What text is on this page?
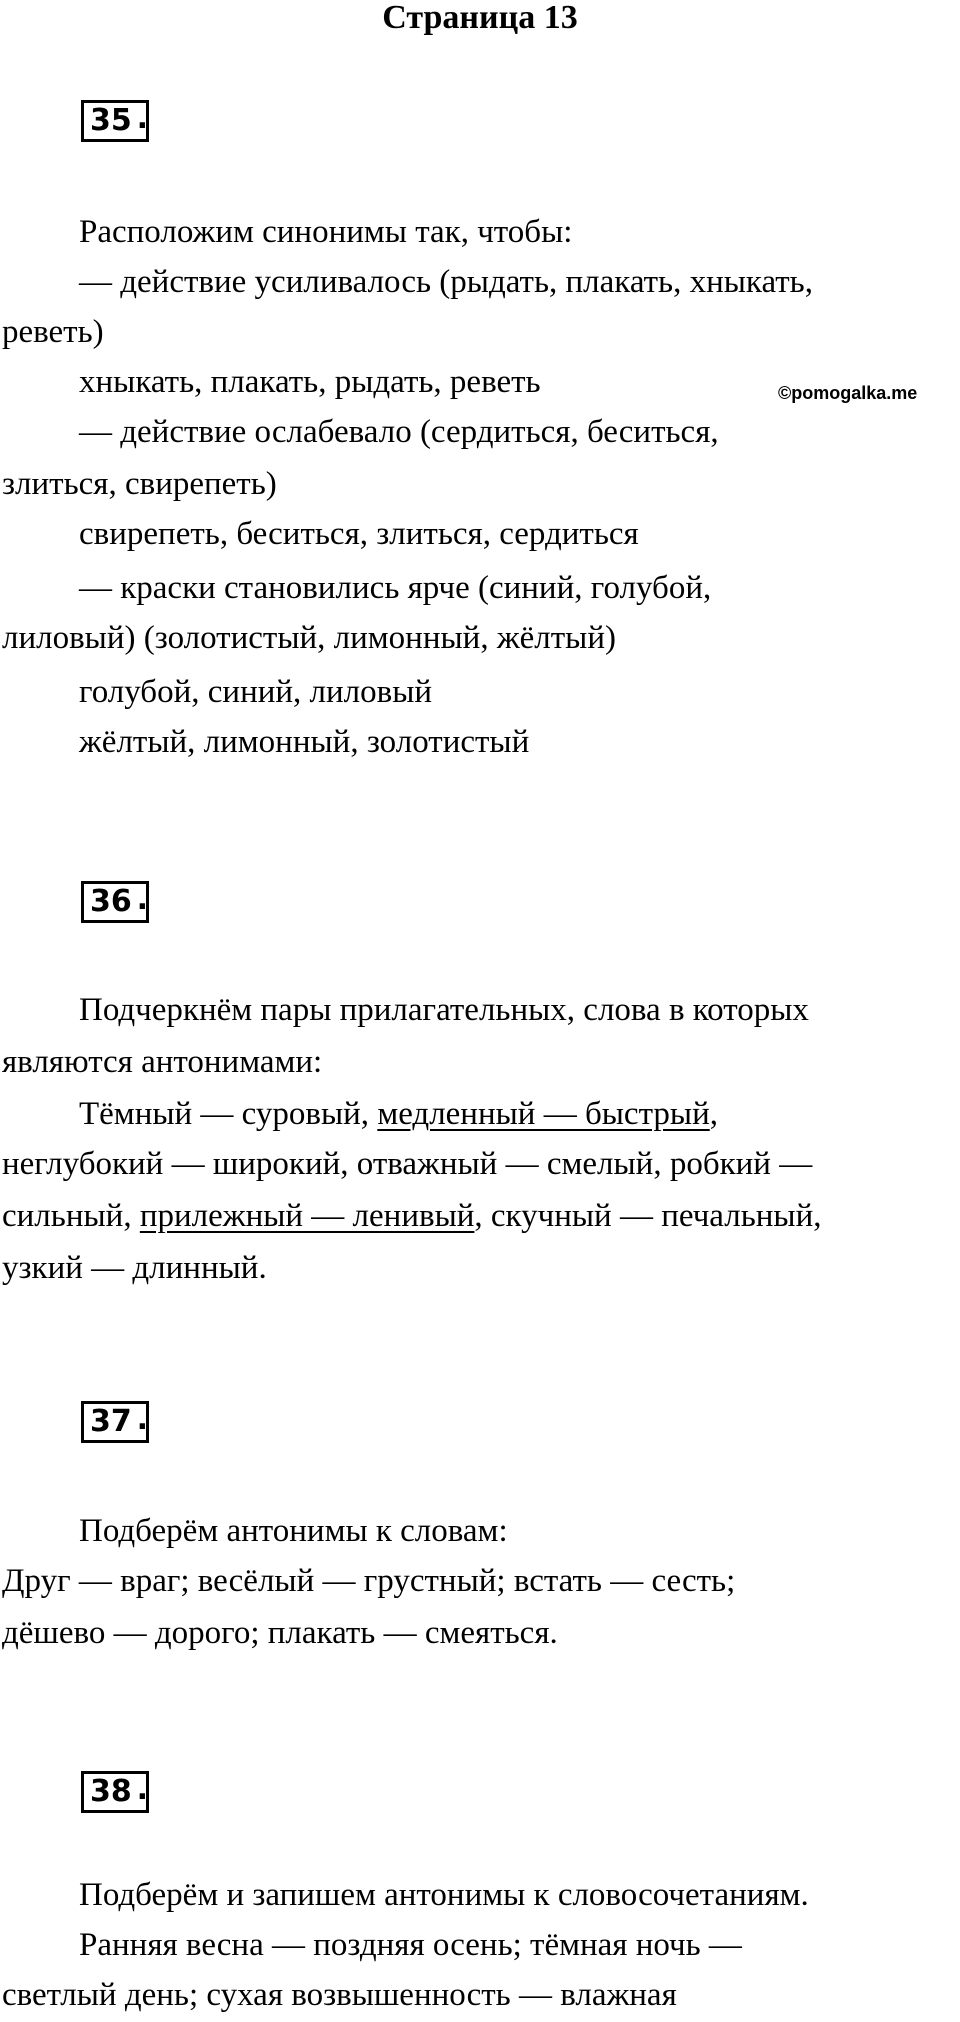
Страница 13
35 .
Расположим синонимы так, чтобы:
— действие усиливалось (рыдать, плакать, хныкать,
реветь)
хныкать, плакать, рыдать, реветь	©pomogalka.me
— действие ослабевало (сердиться, беситься,
злиться, свирепеть)
свирепеть, беситься, злиться, сердиться
— краски становились ярче (синий, голубой,
лиловый) (золотистый, лимонный, жёлтый)
голубой, синий, лиловый
жёлтый, лимонный, золотистый
36 .
Подчеркнём пары прилагательных, слова в которых
являются антонимами:
Тёмный — суровый, медленный — быстрый,
неглубокий — широкий, отважный — смелый, робкий —
сильный, прилежный — ленивый, скучный — печальный,
узкий — длинный.
37 .
Подберём антонимы к словам:
Друг — враг; весёлый — грустный; встать — сесть;
дёшево — дорого; плакать — смеяться.
38 .
Подберём и запишем антонимы к словосочетаниям.
Ранняя весна — поздняя осень; тёмная ночь —
светлый день; сухая возвышенность — влажная
